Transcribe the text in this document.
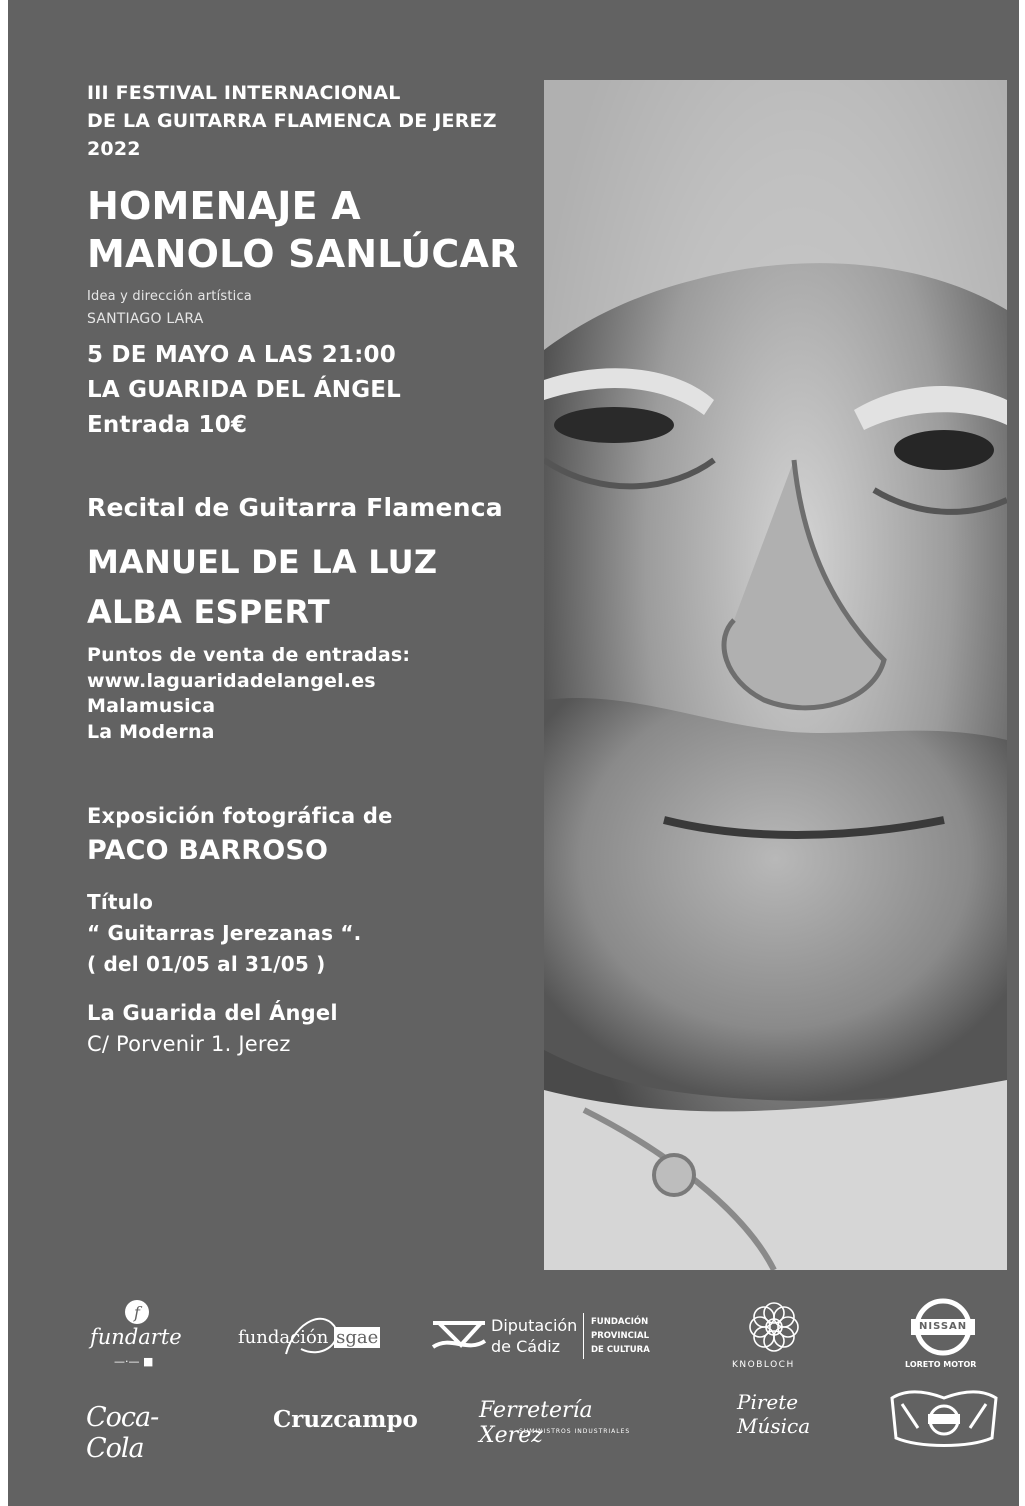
III FESTIVAL INTERNACIONAL
DE LA GUITARRA FLAMENCA DE JEREZ
2022
HOMENAJE A
MANOLO SANLÚCAR
Idea y dirección artística
SANTIAGO LARA
5 DE MAYO A LAS 21:00
LA GUARIDA DEL ÁNGEL
Entrada 10€
Recital de Guitarra Flamenca
MANUEL DE LA LUZ
ALBA ESPERT
Puntos de venta de entradas:
www.laguaridadelangel.es
Malamusica
La Moderna
Exposición fotográfica de
PACO BARROSO
Título
“ Guitarras Jerezanas “.
( del 01/05 al 31/05 )
La Guarida del Ángel
C/ Porvenir 1. Jerez
f
fundarte
—·— ■
fundación sgae
Diputación
de Cádiz
FUNDACIÓN
PROVINCIAL
DE CULTURA
KNOBLOCH
NISSAN
LORETO MOTOR
Coca-Cola
Cruzcampo	Ferretería Xerez
SUMINISTROS INDUSTRIALES
Pirete
Música
